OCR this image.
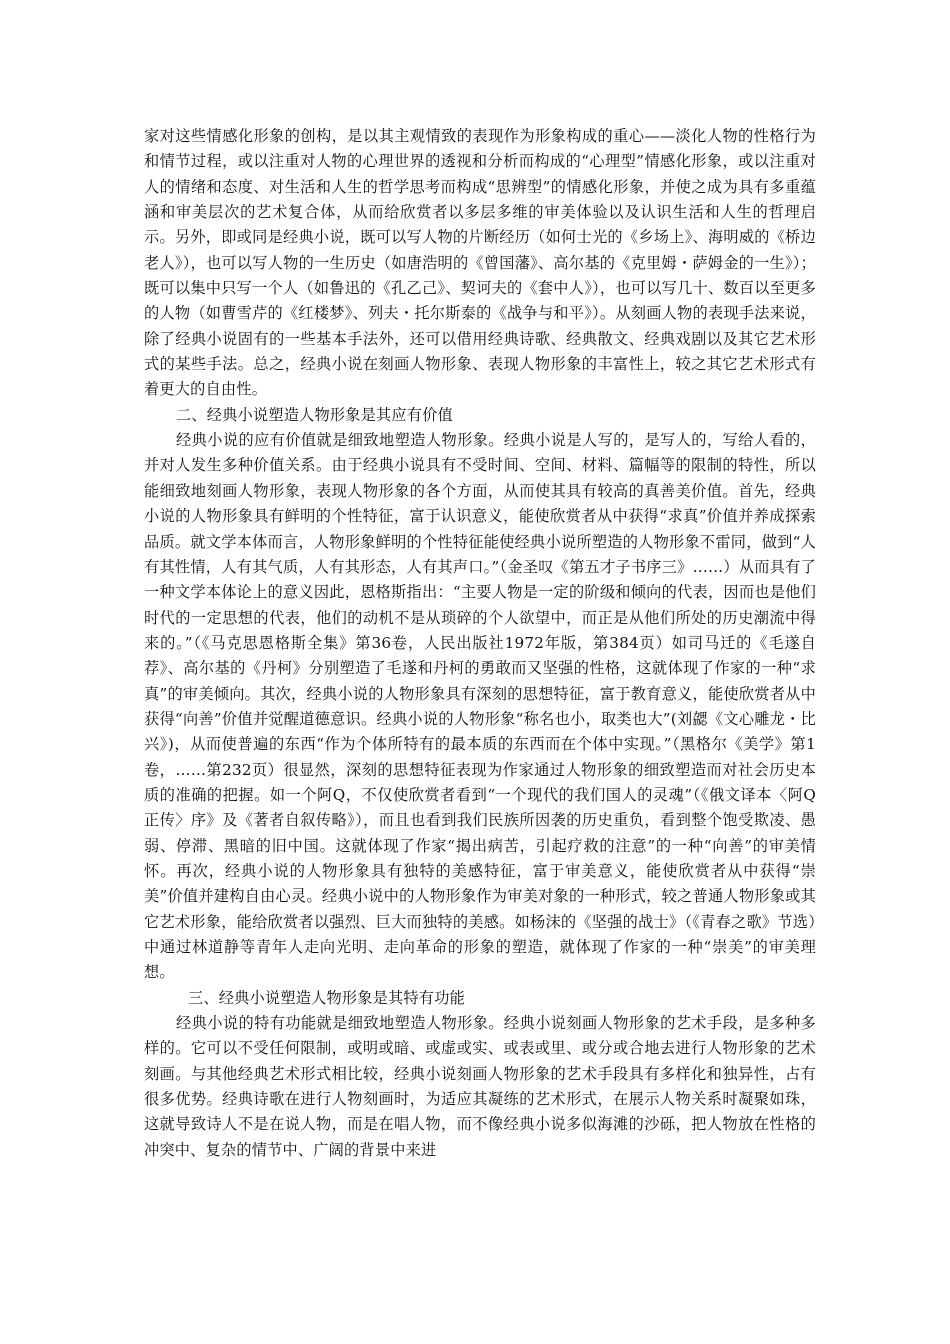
家对这些情感化形象的创构，是以其主观情致的表现作为形象构成的重心——淡化人物的性格行为和情节过程，或以注重对人物的心理世界的透视和分析而构成的“心理型”情感化形象，或以注重对人的情绪和态度、对生活和人生的哲学思考而构成“思辨型”的情感化形象，并使之成为具有多重蕴涵和审美层次的艺术复合体，从而给欣赏者以多层多维的审美体验以及认识生活和人生的哲理启示。另外，即或同是经典小说，既可以写人物的片断经历（如何士光的《乡场上》、海明威的《桥边老人》），也可以写人物的一生历史（如唐浩明的《曾国藩》、高尔基的《克里姆・萨姆金的一生》）；既可以集中只写一个人（如鲁迅的《孔乙己》、契诃夫的《套中人》），也可以写几十、数百以至更多的人物（如曹雪芹的《红楼梦》、列夫・托尔斯泰的《战争与和平》）。从刻画人物的表现手法来说，除了经典小说固有的一些基本手法外，还可以借用经典诗歌、经典散文、经典戏剧以及其它艺术形式的某些手法。总之，经典小说在刻画人物形象、表现人物形象的丰富性上，较之其它艺术形式有着更大的自由性。

二、经典小说塑造人物形象是其应有价值

经典小说的应有价值就是细致地塑造人物形象。经典小说是人写的，是写人的，写给人看的，并对人发生多种价值关系。由于经典小说具有不受时间、空间、材料、篇幅等的限制的特性，所以能细致地刻画人物形象，表现人物形象的各个方面，从而使其具有较高的真善美价值。首先，经典小说的人物形象具有鲜明的个性特征，富于认识意义，能使欣赏者从中获得“求真”价值并养成探索品质。就文学本体而言，人物形象鲜明的个性特征能使经典小说所塑造的人物形象不雷同，做到“人有其性情，人有其气质，人有其形态，人有其声口。”（金圣叹《第五才子书序三》……）从而具有了一种文学本体论上的意义因此，恩格斯指出：“主要人物是一定的阶级和倾向的代表，因而也是他们时代的一定思想的代表，他们的动机不是从琐碎的个人欲望中，而正是从他们所处的历史潮流中得来的。”（《马克思恩格斯全集》第36卷，人民出版社1972年版，第384页）如司马迁的《毛遂自荐》、高尔基的《丹柯》分别塑造了毛遂和丹柯的勇敢而又坚强的性格，这就体现了作家的一种“求真”的审美倾向。其次，经典小说的人物形象具有深刻的思想特征，富于教育意义，能使欣赏者从中获得“向善”价值并觉醒道德意识。经典小说的人物形象“称名也小，取类也大”(刘勰《文心雕龙・比兴》)，从而使普遍的东西“作为个体所特有的最本质的东西而在个体中实现。”（黑格尔《美学》第1卷，……第232页）很显然，深刻的思想特征表现为作家通过人物形象的细致塑造而对社会历史本质的准确的把握。如一个阿Q，不仅使欣赏者看到“一个现代的我们国人的灵魂”（《俄文译本〈阿Q正传〉序》及《著者自叙传略》），而且也看到我们民族所因袭的历史重负，看到整个饱受欺凌、愚弱、停滞、黑暗的旧中国。这就体现了作家“揭出病苦，引起疗救的注意”的一种“向善”的审美情怀。再次，经典小说的人物形象具有独特的美感特征，富于审美意义，能使欣赏者从中获得“崇美”价值并建构自由心灵。经典小说中的人物形象作为审美对象的一种形式，较之普通人物形象或其它艺术形象，能给欣赏者以强烈、巨大而独特的美感。如杨沫的《坚强的战士》（《青春之歌》节选）中通过林道静等青年人走向光明、走向革命的形象的塑造，就体现了作家的一种“崇美”的审美理想。

三、经典小说塑造人物形象是其特有功能

经典小说的特有功能就是细致地塑造人物形象。经典小说刻画人物形象的艺术手段，是多种多样的。它可以不受任何限制，或明或暗、或虚或实、或表或里、或分或合地去进行人物形象的艺术刻画。与其他经典艺术形式相比较，经典小说刻画人物形象的艺术手段具有多样化和独异性，占有很多优势。经典诗歌在进行人物刻画时，为适应其凝练的艺术形式，在展示人物关系时凝聚如珠，这就导致诗人不是在说人物，而是在唱人物，而不像经典小说多似海滩的沙砾，把人物放在性格的冲突中、复杂的情节中、广阔的背景中来进
